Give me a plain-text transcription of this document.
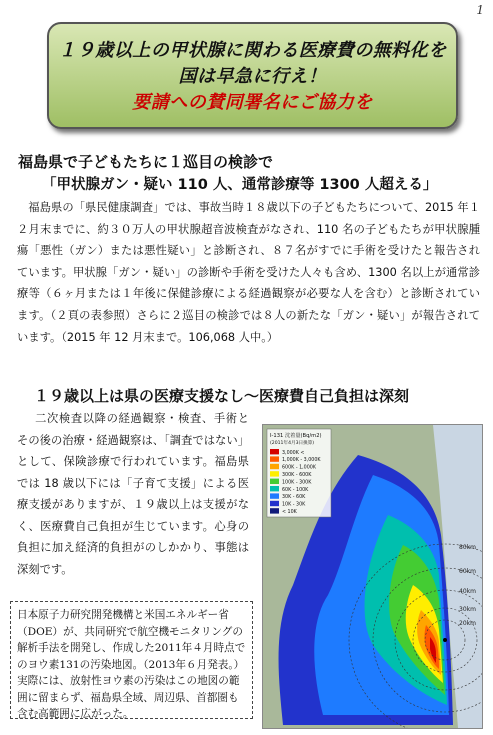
1
１９歳以上の甲状腺に関わる医療費の無料化を
国は早急に行え！
要請への賛同署名にご協力を
福島県で子どもたちに１巡目の検診で
「甲状腺ガン・疑い 110 人、通常診療等 1300 人超える」
福島県の「県民健康調査」では、事故当時１８歳以下の子どもたちについて、2015 年１２月末までに、約３０万人の甲状腺超音波検査がなされ、110 名の子どもたちが甲状腺腫瘍「悪性（ガン）または悪性疑い」と診断され、８７名がすでに手術を受けたと報告されています。甲状腺「ガン・疑い」の診断や手術を受けた人々も含め、1300 名以上が通常診療等（６ヶ月または１年後に保健診療による経過観察が必要な人を含む）と診断されています。（２頁の表参照）さらに２巡目の検診では８人の新たな「ガン・疑い」が報告されています。（2015 年 12 月末まで。106,068 人中。）
１９歳以上は県の医療支援なし～医療費自己負担は深刻
二次検査以降の経過観察・検査、手術とその後の治療・経過観察は、「調査ではない」として、保険診療で行われています。福島県では 18 歳以下には「子育て支援」による医療支援がありますが、１９歳以上は支援がなく、医療費自己負担が生じています。心身の負担に加え経済的負担がのしかかり、事態は深刻です。
日本原子力研究開発機構と米国エネルギー省（DOE）が、共同研究で航空機モニタリングの解析手法を開発し、作成した2011年４月時点でのヨウ素131の汚染地図。（2013年６月発表。）実際には、放射性ヨウ素の汚染はこの地図の範囲に留まらず、福島県全域、周辺県、首都圏も含む高範囲に広がった。
80km
60km
40km
30km
20km
I-131 沈着量(Bq/m2)
(2011年4月3日換算)
3,000K <
1,000K - 3,000K
600K - 1,000K
300K - 600K
100K - 300K
60K - 100K
30K - 60K
10K - 30K
< 10K
